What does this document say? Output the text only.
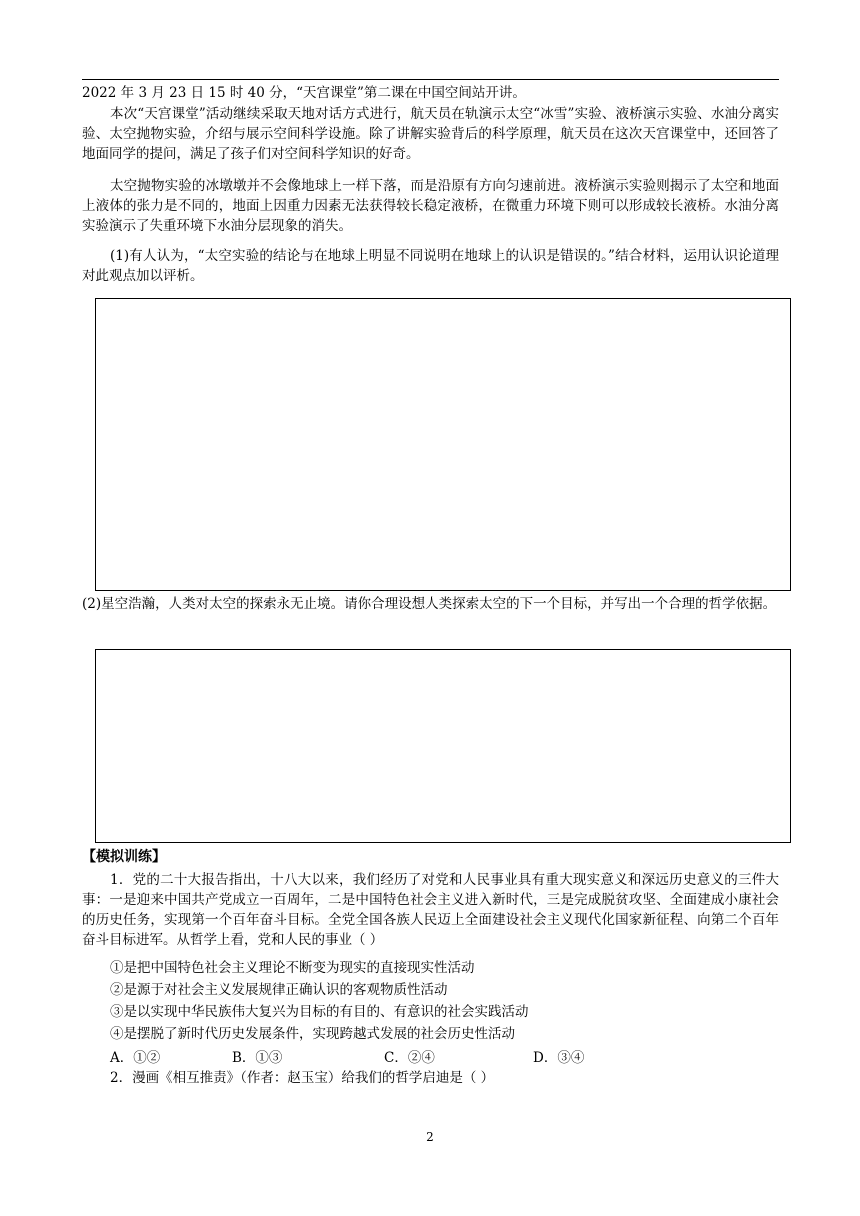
2022 年 3 月 23 日 15 时 40 分，“天宫课堂”第二课在中国空间站开讲。
本次“天宫课堂”活动继续采取天地对话方式进行，航天员在轨演示太空“冰雪”实验、液桥演示实验、水油分离实验、太空抛物实验，介绍与展示空间科学设施。除了讲解实验背后的科学原理，航天员在这次天宫课堂中，还回答了地面同学的提问，满足了孩子们对空间科学知识的好奇。
太空抛物实验的冰墩墩并不会像地球上一样下落，而是沿原有方向匀速前进。液桥演示实验则揭示了太空和地面上液体的张力是不同的，地面上因重力因素无法获得较长稳定液桥，在微重力环境下则可以形成较长液桥。水油分离实验演示了失重环境下水油分层现象的消失。
(1)有人认为，“太空实验的结论与在地球上明显不同说明在地球上的认识是错误的。”结合材料，运用认识论道理对此观点加以评析。
(2)星空浩瀚，人类对太空的探索永无止境。请你合理设想人类探索太空的下一个目标，并写出一个合理的哲学依据。
【模拟训练】
1．党的二十大报告指出，十八大以来，我们经历了对党和人民事业具有重大现实意义和深远历史意义的三件大事：一是迎来中国共产党成立一百周年，二是中国特色社会主义进入新时代，三是完成脱贫攻坚、全面建成小康社会的历史任务，实现第一个百年奋斗目标。全党全国各族人民迈上全面建设社会主义现代化国家新征程、向第二个百年奋斗目标进军。从哲学上看，党和人民的事业（ ）
①是把中国特色社会主义理论不断变为现实的直接现实性活动
②是源于对社会主义发展规律正确认识的客观物质性活动
③是以实现中华民族伟大复兴为目标的有目的、有意识的社会实践活动
④是摆脱了新时代历史发展条件，实现跨越式发展的社会历史性活动
A．①②	B．①③	C．②④	D．③④
2．漫画《相互推责》（作者：赵玉宝）给我们的哲学启迪是（ ）
2
